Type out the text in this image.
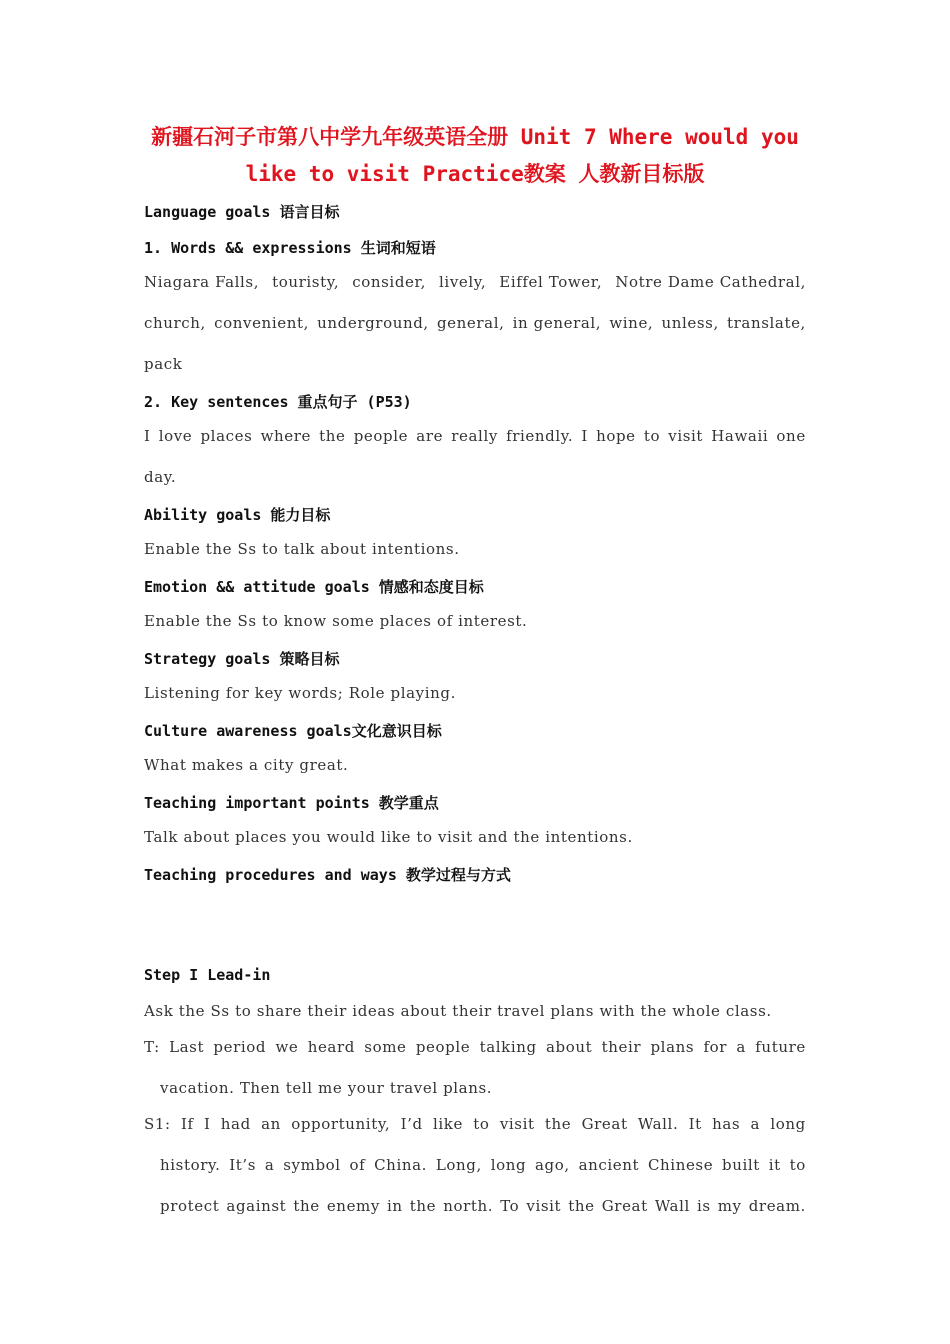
新疆石河子市第八中学九年级英语全册 Unit 7 Where would you
like to visit Practice教案 人教新目标版
Language goals 语言目标
1. Words && expressions 生词和短语
Niagara Falls, touristy, consider, lively, Eiffel Tower, Notre Dame Cathedral,
church, convenient, underground, general, in general, wine, unless, translate,
pack
2. Key sentences 重点句子 (P53)
I love places where the people are really friendly. I hope to visit Hawaii one
day.
Ability goals 能力目标
Enable the Ss to talk about intentions.
Emotion && attitude goals 情感和态度目标
Enable the Ss to know some places of interest.
Strategy goals 策略目标
Listening for key words; Role playing.
Culture awareness goals文化意识目标
What makes a city great.
Teaching important points 教学重点
Talk about places you would like to visit and the intentions.
Teaching procedures and ways 教学过程与方式
Step I Lead-in
Ask the Ss to share their ideas about their travel plans with the whole class.
T: Last period we heard some people talking about their plans for a future
vacation. Then tell me your travel plans.
S1: If I had an opportunity, I’d like to visit the Great Wall. It has a long
history. It’s a symbol of China. Long, long ago, ancient Chinese built it to
protect against the enemy in the north. To visit the Great Wall is my dream.
